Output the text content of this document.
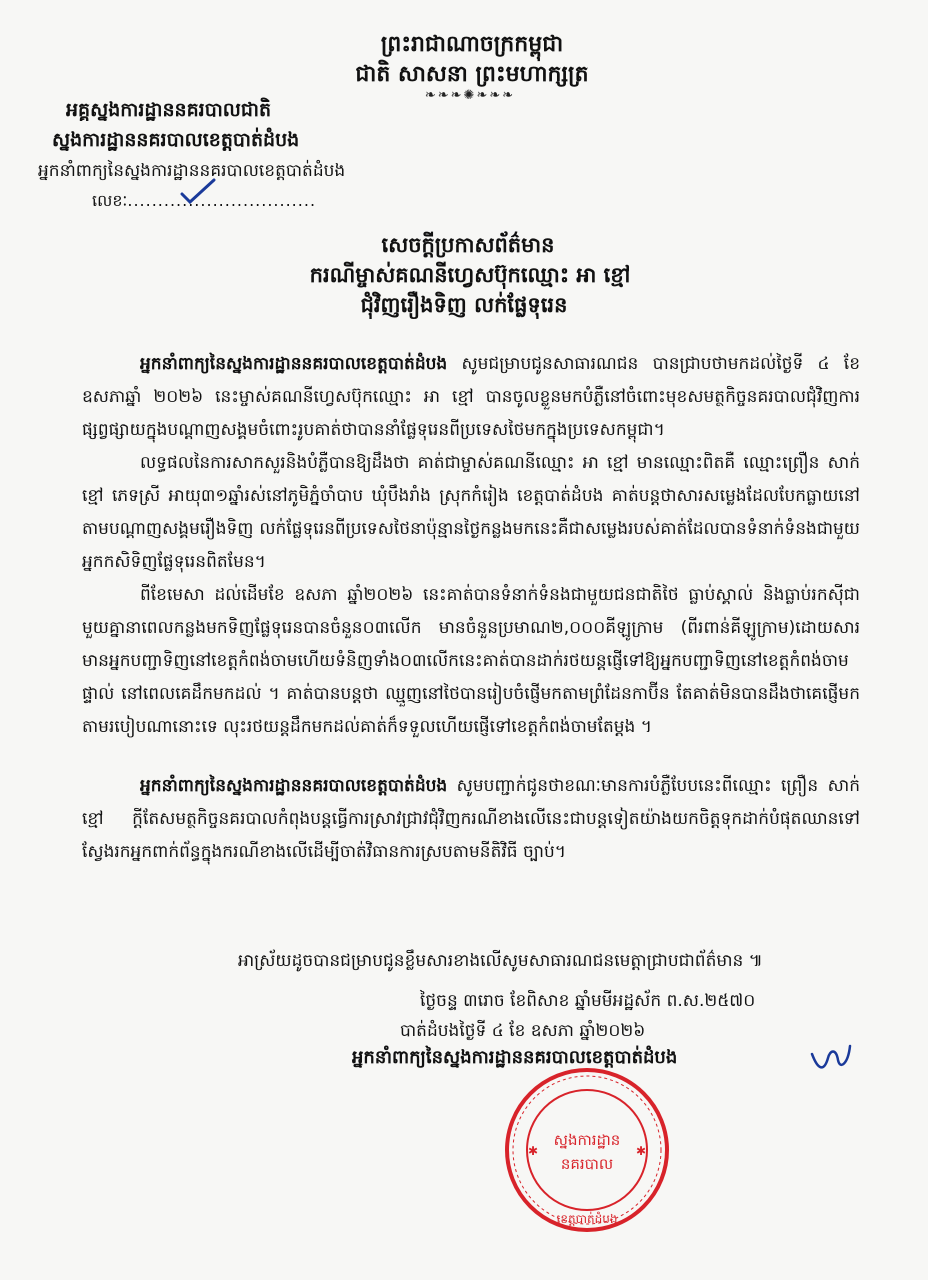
ព្រះរាជាណាចក្រកម្ពុជា
ជាតិ សាសនា ព្រះមហាក្សត្រ
❧❧❧✺❧❧❧
អគ្គស្នងការដ្ឋាននគរបាលជាតិ
ស្នងការដ្ឋាននគរបាលខេត្តបាត់ដំបង
អ្នកនាំពាក្យនៃស្នងការដ្ឋាននគរបាលខេត្តបាត់ដំបង
លេខៈ...............................
សេចក្តីប្រកាសព័ត៌មាន
ករណីម្ចាស់គណនីហ្វេសប៊ុកឈ្មោះ អា ខ្មៅ
ជុំវិញរឿងទិញ លក់ផ្លែទុរេន

អ្នកនាំពាក្យនៃស្នងការដ្ឋាននគរបាលខេត្តបាត់ដំបង សូមជម្រាបជូនសាធារណជន បានជ្រាបថាមកដល់ថ្ងៃទី ៤ ខែ ឧសភាឆ្នាំ ២០២៦ នេះម្ចាស់គណនីហ្វេសប៊ុកឈ្មោះ អា ខ្មៅ បានចូលខ្លួនមកបំភ្លឺនៅចំពោះមុខសមត្ថកិច្ចនគរបាលជុំវិញការផ្សព្វផ្សាយក្នុងបណ្តាញសង្គមចំពោះរូបគាត់ថាបាននាំផ្លែទុរេនពីប្រទេសថៃមកក្នុងប្រទេសកម្ពុជា។

លទ្ធផលនៃការសាកសួរនិងបំភ្លឺបានឱ្យដឹងថា គាត់ជាម្ចាស់គណនីឈ្មោះ អា ខ្មៅ មានឈ្មោះពិតគឺ ឈ្មោះព្រឿន សាក់ខ្មៅ ភេទស្រី អាយុ៣១ឆ្នាំរស់នៅភូមិភ្នំចាំបាប ឃុំបឹងរាំង ស្រុកកំរៀង ខេត្តបាត់ដំបង គាត់បន្តថាសារសម្លេងដែលបែកធ្លាយនៅតាមបណ្តាញសង្គមរឿងទិញ លក់ផ្លែទុរេនពីប្រទេសថៃនាប៉ុន្មានថ្ងៃកន្លងមកនេះគឺជាសម្លេងរបស់គាត់ដែលបានទំនាក់ទំនងជាមួយអ្នកកសិទិញផ្លែទុរេនពិតមែន។

ពីខែមេសា ដល់ដើមខែ ឧសភា ឆ្នាំ២០២៦ នេះគាត់បានទំនាក់ទំនងជាមួយជនជាតិថៃ ធ្លាប់ស្គាល់ និងធ្លាប់រកស៊ីជាមួយគ្នានាពេលកន្លងមកទិញផ្លែទុរេនបានចំនួន០៣លើក មានចំនួនប្រមាណ២,០០០គីឡូក្រាម (ពីរពាន់គីឡូក្រាម)ដោយសារមានអ្នកបញ្ជាទិញនៅខេត្តកំពង់ចាមហើយទំនិញទាំង០៣លើកនេះគាត់បានដាក់រថយន្តផ្ញើទៅឱ្យអ្នកបញ្ជាទិញនៅខេត្តកំពង់ចាមផ្ទាល់ នៅពេលគេដឹកមកដល់ ។ គាត់បានបន្តថា ឈ្មួញនៅថៃបានរៀបចំផ្ញើមកតាមព្រំដែនកាប៊ីន តែគាត់មិនបានដឹងថាគេផ្ញើមកតាមរបៀបណានោះទេ លុះរថយន្តដឹកមកដល់គាត់ក៏ទទួលហើយផ្ញើទៅខេត្តកំពង់ចាមតែម្តង ។

អ្នកនាំពាក្យនៃស្នងការដ្ឋាននគរបាលខេត្តបាត់ដំបង សូមបញ្ជាក់ជូនថាខណៈមានការបំភ្លឺបែបនេះពីឈ្មោះ ព្រឿន សាក់ខ្មៅ ក្តីតែសមត្ថកិច្ចនគរបាលកំពុងបន្តធ្វើការស្រាវជ្រាវជុំវិញករណីខាងលើនេះជាបន្តទៀតយ៉ាងយកចិត្តទុកដាក់បំផុតឈានទៅស្វែងរកអ្នកពាក់ព័ន្ធក្នុងករណីខាងលើដើម្បីចាត់វិធានការស្របតាមនីតិវិធី ច្បាប់។

អាស្រ័យដូចបានជម្រាបជូនខ្លឹមសារខាងលើសូមសាធារណជនមេត្តាជ្រាបជាព័ត៌មាន ៕
ថ្ងៃចន្ទ ៣រោច ខែពិសាខ ឆ្នាំមមីអដ្ឋស័ក ព.ស.២៥៧០
បាត់ដំបងថ្ងៃទី ៤ ខែ ឧសភា ឆ្នាំ២០២៦
អ្នកនាំពាក្យនៃស្នងការដ្ឋាននគរបាលខេត្តបាត់ដំបង
✱	✱
ស្នងការដ្ឋាន
នគរបាល
ខេត្តបាត់ដំបង
